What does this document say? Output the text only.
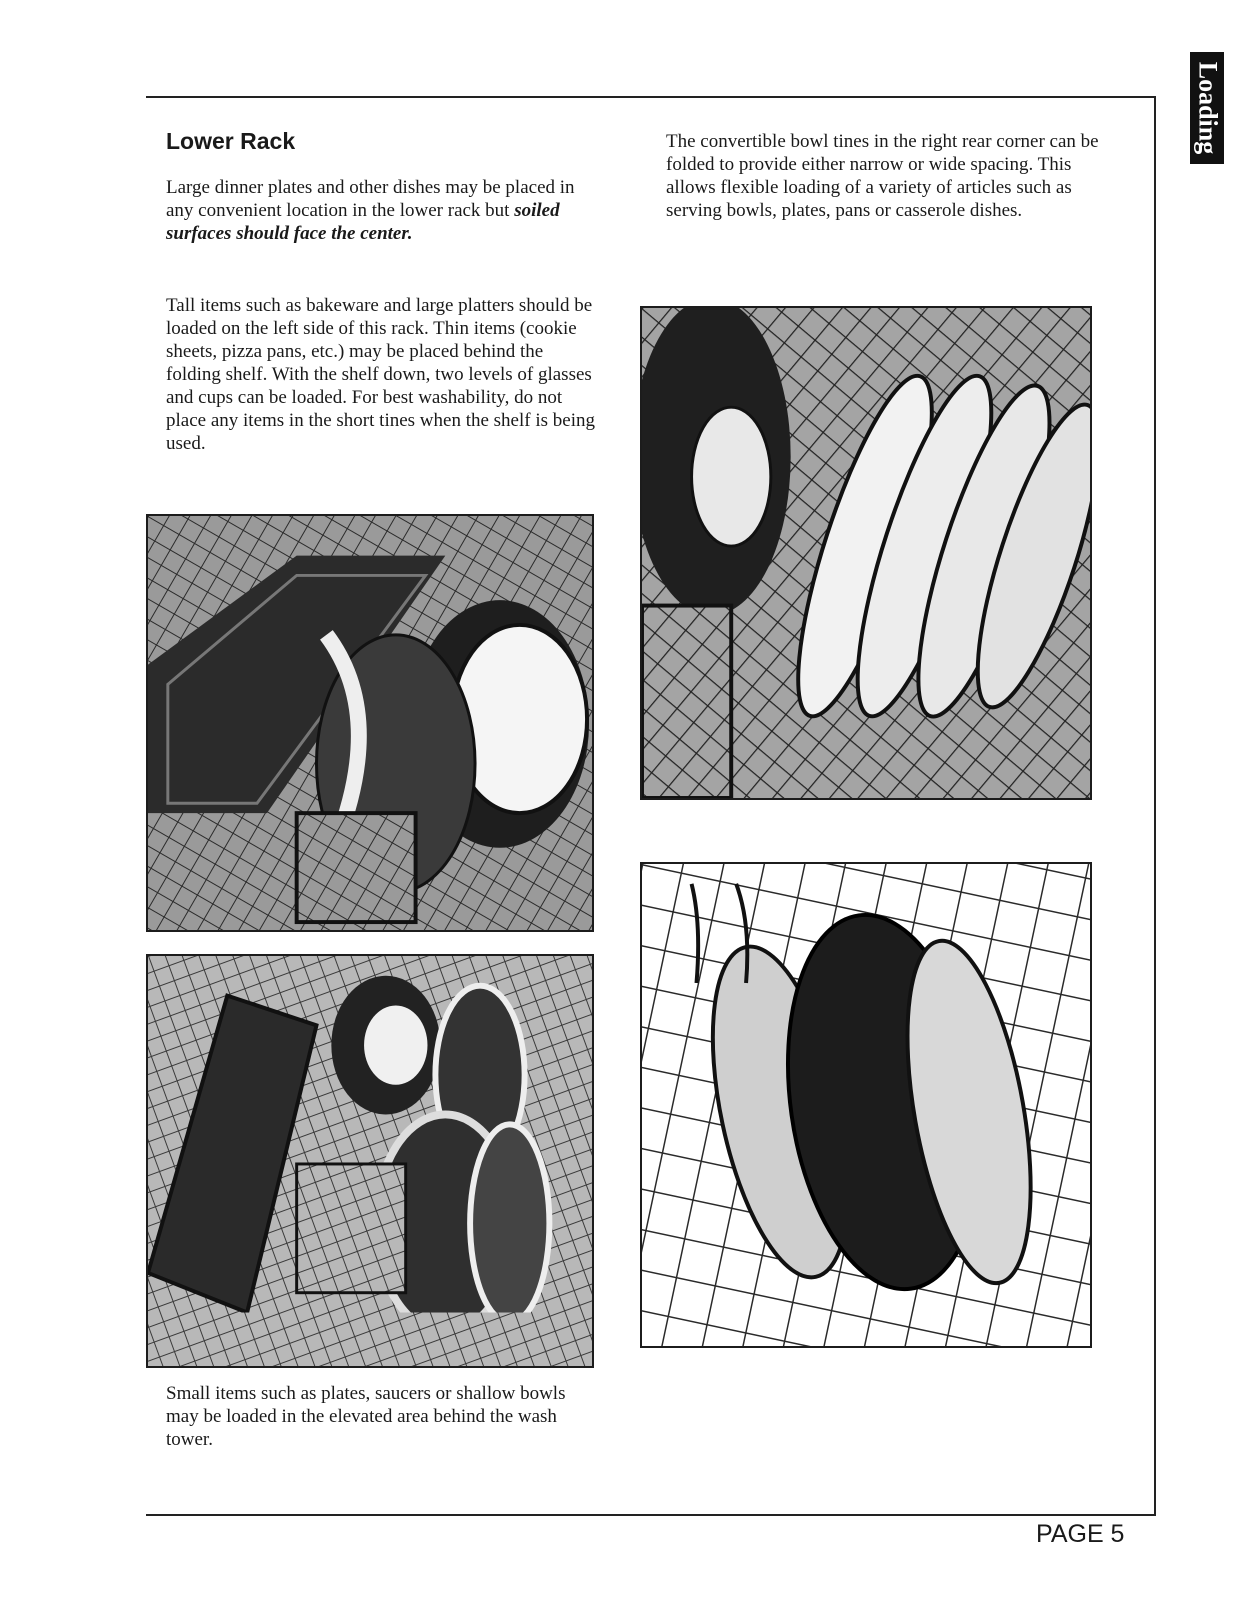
Loading
Lower Rack

Large dinner plates and other dishes may be placed in any convenient location in the lower rack but soiled surfaces should face the center.

Tall items such as bakeware and large platters should be loaded on the left side of this rack. Thin items (cookie sheets, pizza pans, etc.) may be placed behind the folding shelf. With the shelf down, two levels of glasses and cups can be loaded. For best washability, do not place any items in the short tines when the shelf is being used.

The convertible bowl tines in the right rear corner can be folded to provide either narrow or wide spacing. This allows flexible loading of a variety of articles such as serving bowls, plates, pans or casserole dishes.

Small items such as plates, saucers or shallow bowls may be loaded in the elevated area behind the wash tower.

PAGE 5
